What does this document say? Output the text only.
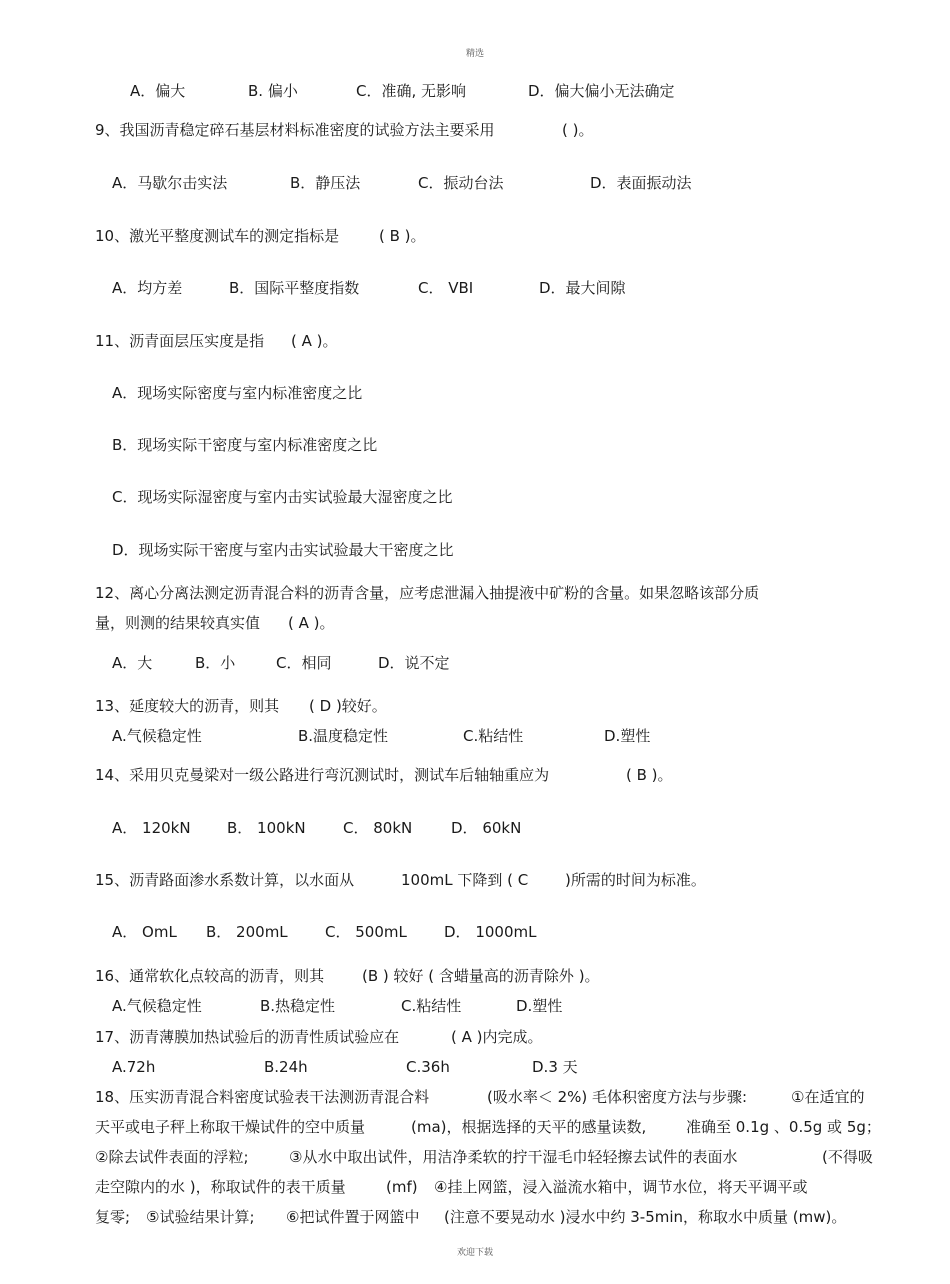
精选
A．偏大	B. 偏小	C．准确, 无影响	D．偏大偏小无法确定
9、我国沥青稳定碎石基层材料标准密度的试验方法主要采用	( )。
A．马歇尔击实法	B．静压法	C．振动台法	D．表面振动法
10、激光平整度测试车的测定指标是	( B )。
A．均方差	B．国际平整度指数	C． VBI	D．最大间隙
11、沥青面层压实度是指 ( A )。
A．现场实际密度与室内标准密度之比
B．现场实际干密度与室内标准密度之比
C．现场实际湿密度与室内击实试验最大湿密度之比
D．现场实际干密度与室内击实试验最大干密度之比
12、离心分离法测定沥青混合料的沥青含量，应考虑泄漏入抽提液中矿粉的含量。如果忽略该部分质
量，则测的结果较真实值 ( A )。
A．大	B．小	C．相同	D．说不定
13、延度较大的沥青，则其 ( D )较好。
A.气候稳定性	B.温度稳定性	C.粘结性	D.塑性
14、采用贝克曼梁对一级公路进行弯沉测试时，测试车后轴轴重应为	( B )。
A． 120kN B． 100kN C． 80kN	D． 60kN
15、沥青路面渗水系数计算，以水面从	100mL 下降到 ( C )所需的时间为标准。
A． OmL B． 200mL C． 500mL D． 1000mL
16、通常软化点较高的沥青，则其	(B ) 较好 ( 含蜡量高的沥青除外 )。
A.气候稳定性	B.热稳定性	C.粘结性	D.塑性
17、沥青薄膜加热试验后的沥青性质试验应在	( A )内完成。
A.72h	B.24h	C.36h	D.3 天
18、压实沥青混合料密度试验表干法测沥青混合料	(吸水率＜ 2%) 毛体积密度方法与步骤:	①在适宜的
天平或电子秤上称取干燥试件的空中质量	(ma)，根据选择的天平的感量读数,	准确至 0.1g 、0.5g 或 5g；
②除去试件表面的浮粒;	③从水中取出试件，用洁净柔软的拧干湿毛巾轻轻擦去试件的表面水	(不得吸
走空隙内的水 )，称取试件的表干质量	(mf) ④挂上网篮，浸入溢流水箱中，调节水位，将天平调平或
复零; ⑤试验结果计算; ⑥把试件置于网篮中 (注意不要晃动水 )浸水中约 3-5min，称取水中质量 (mw)。
欢迎下载
